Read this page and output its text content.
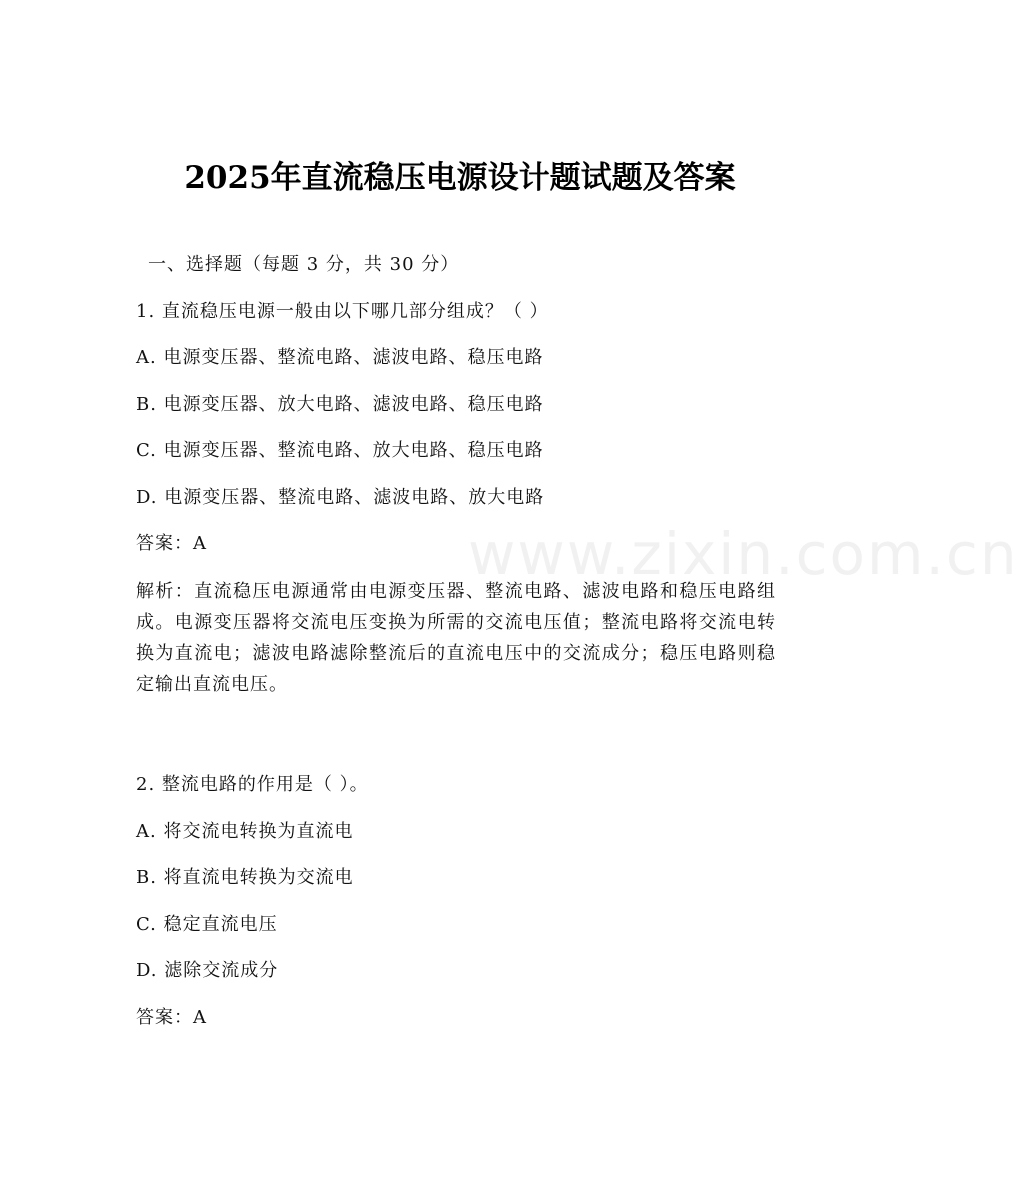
www.zixin.com.cn
2025年直流稳压电源设计题试题及答案
一、选择题（每题 3 分，共 30 分）
1. 直流稳压电源一般由以下哪几部分组成？（ ）
A. 电源变压器、整流电路、滤波电路、稳压电路
B. 电源变压器、放大电路、滤波电路、稳压电路
C. 电源变压器、整流电路、放大电路、稳压电路
D. 电源变压器、整流电路、滤波电路、放大电路
答案：A
解析：直流稳压电源通常由电源变压器、整流电路、滤波电路和稳压电路组成。电源变压器将交流电压变换为所需的交流电压值；整流电路将交流电转换为直流电；滤波电路滤除整流后的直流电压中的交流成分；稳压电路则稳定输出直流电压。
2. 整流电路的作用是（ ）。
A. 将交流电转换为直流电
B. 将直流电转换为交流电
C. 稳定直流电压
D. 滤除交流成分
答案：A
